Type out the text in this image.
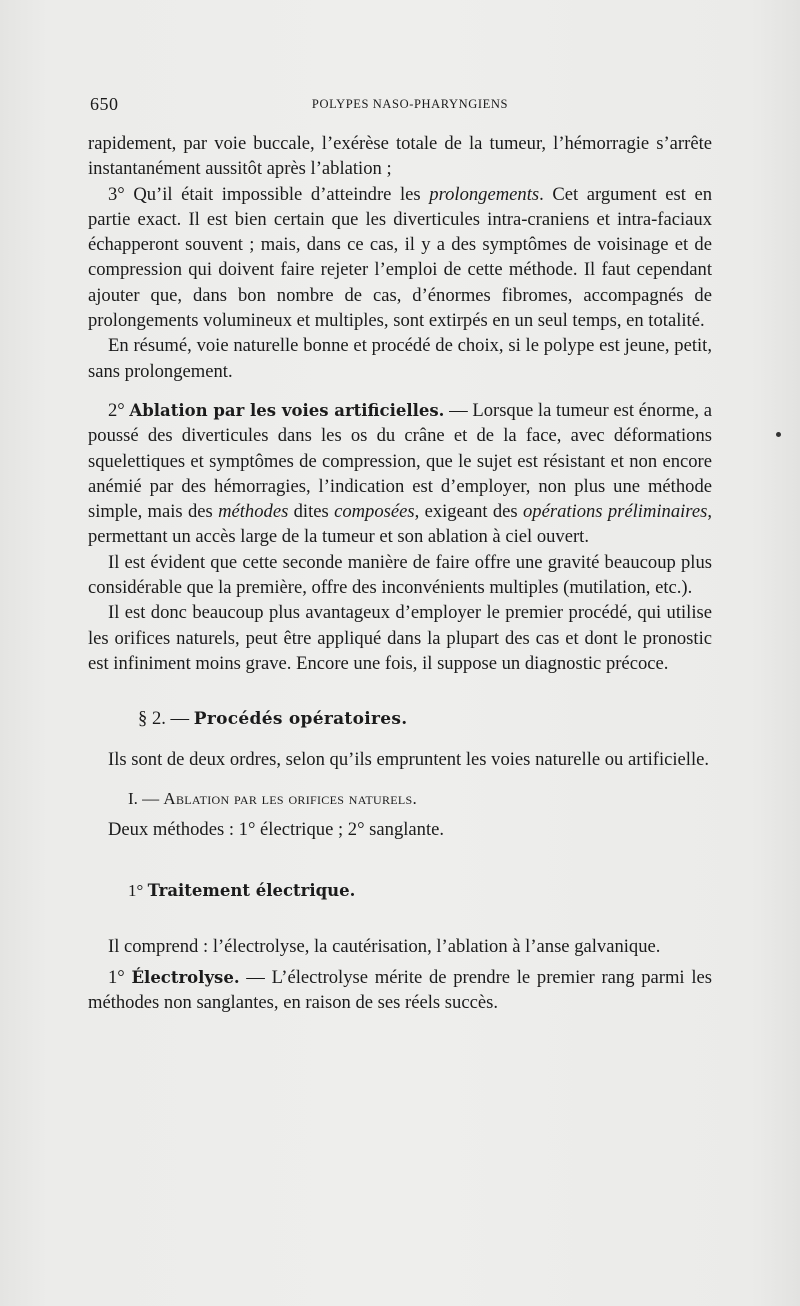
650	POLYPES NASO-PHARYNGIENS

rapidement, par voie buccale, l’exérèse totale de la tumeur, l’hémorragie s’arrête instantanément aussitôt après l’ablation ;

3° Qu’il était impossible d’atteindre les prolongements. Cet argument est en partie exact. Il est bien certain que les diverticules intra-craniens et intra-faciaux échapperont souvent ; mais, dans ce cas, il y a des symptômes de voisinage et de compression qui doivent faire rejeter l’emploi de cette méthode. Il faut cependant ajouter que, dans bon nombre de cas, d’énormes fibromes, accompagnés de prolongements volumineux et multiples, sont extirpés en un seul temps, en totalité.

En résumé, voie naturelle bonne et procédé de choix, si le polype est jeune, petit, sans prolongement.

2° Ablation par les voies artificielles. — Lorsque la tumeur est énorme, a poussé des diverticules dans les os du crâne et de la face, avec déformations squelettiques et symptômes de compression, que le sujet est résistant et non encore anémié par des hémorragies, l’indication est d’employer, non plus une méthode simple, mais des méthodes dites composées, exigeant des opérations préliminaires, permettant un accès large de la tumeur et son ablation à ciel ouvert.

Il est évident que cette seconde manière de faire offre une gravité beaucoup plus considérable que la première, offre des inconvénients multiples (mutilation, etc.).

Il est donc beaucoup plus avantageux d’employer le premier procédé, qui utilise les orifices naturels, peut être appliqué dans la plupart des cas et dont le pronostic est infiniment moins grave. Encore une fois, il suppose un diagnostic précoce.

§ 2. — Procédés opératoires.

Ils sont de deux ordres, selon qu’ils empruntent les voies naturelle ou artificielle.

I. — Ablation par les orifices naturels.

Deux méthodes : 1° électrique ; 2° sanglante.

1° Traitement électrique.

Il comprend : l’électrolyse, la cautérisation, l’ablation à l’anse galvanique.

1° Électrolyse. — L’électrolyse mérite de prendre le premier rang parmi les méthodes non sanglantes, en raison de ses réels succès.
